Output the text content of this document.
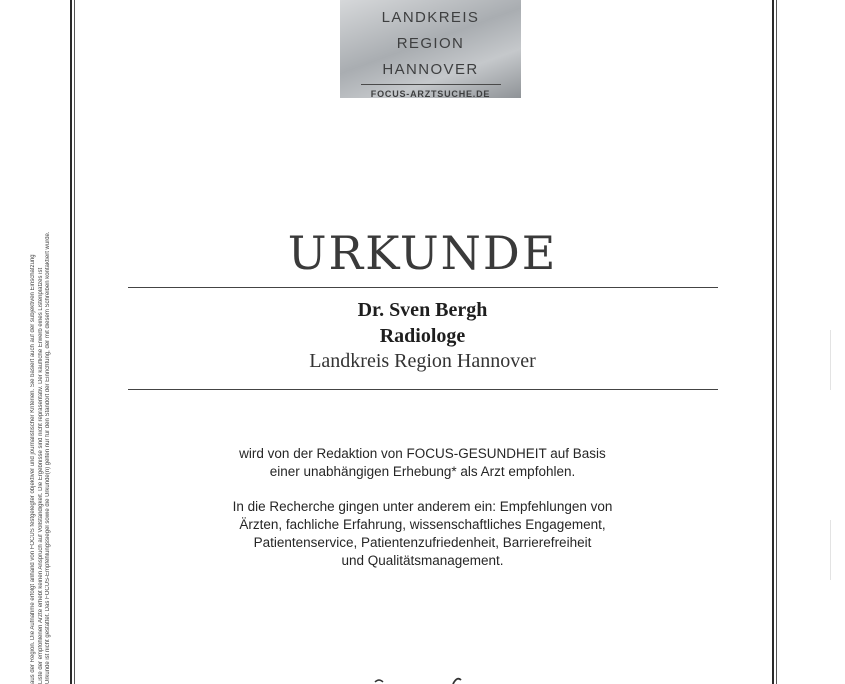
aus der Region. Die Aufnahme erfolgt anhand von FOCUS festgelegter objektiver und journalistischer Kriterien. Sie basiert auch auf der subjektiven Einschätzung Liste der empfohlenen Ärzte erhebt keinen Anspruch auf Vollständigkeit. Die Ergebnisse sind nicht repräsentativ. Der käufliche Erwerb eines Listenplatzes ist Urkunde ist nicht gestattet. Das FOCUS-Empfehlungssiegel sowie die Urkunde(n) gelten nur für den Standort der Einrichtung, der mit diesem Schreiben kontaktiert wurde.
LANDKREIS
REGION
HANNOVER
FOCUS-ARZTSUCHE.DE
URKUNDE
Dr. Sven Bergh
Radiologe
Landkreis Region Hannover
wird von der Redaktion von FOCUS-GESUNDHEIT auf Basis
einer unabhängigen Erhebung* als Arzt empfohlen.
In die Recherche gingen unter anderem ein: Empfehlungen von
Ärzten, fachliche Erfahrung, wissenschaftliches Engagement,
Patientenservice, Patientenzufriedenheit, Barrierefreiheit
und Qualitätsmanagement.
